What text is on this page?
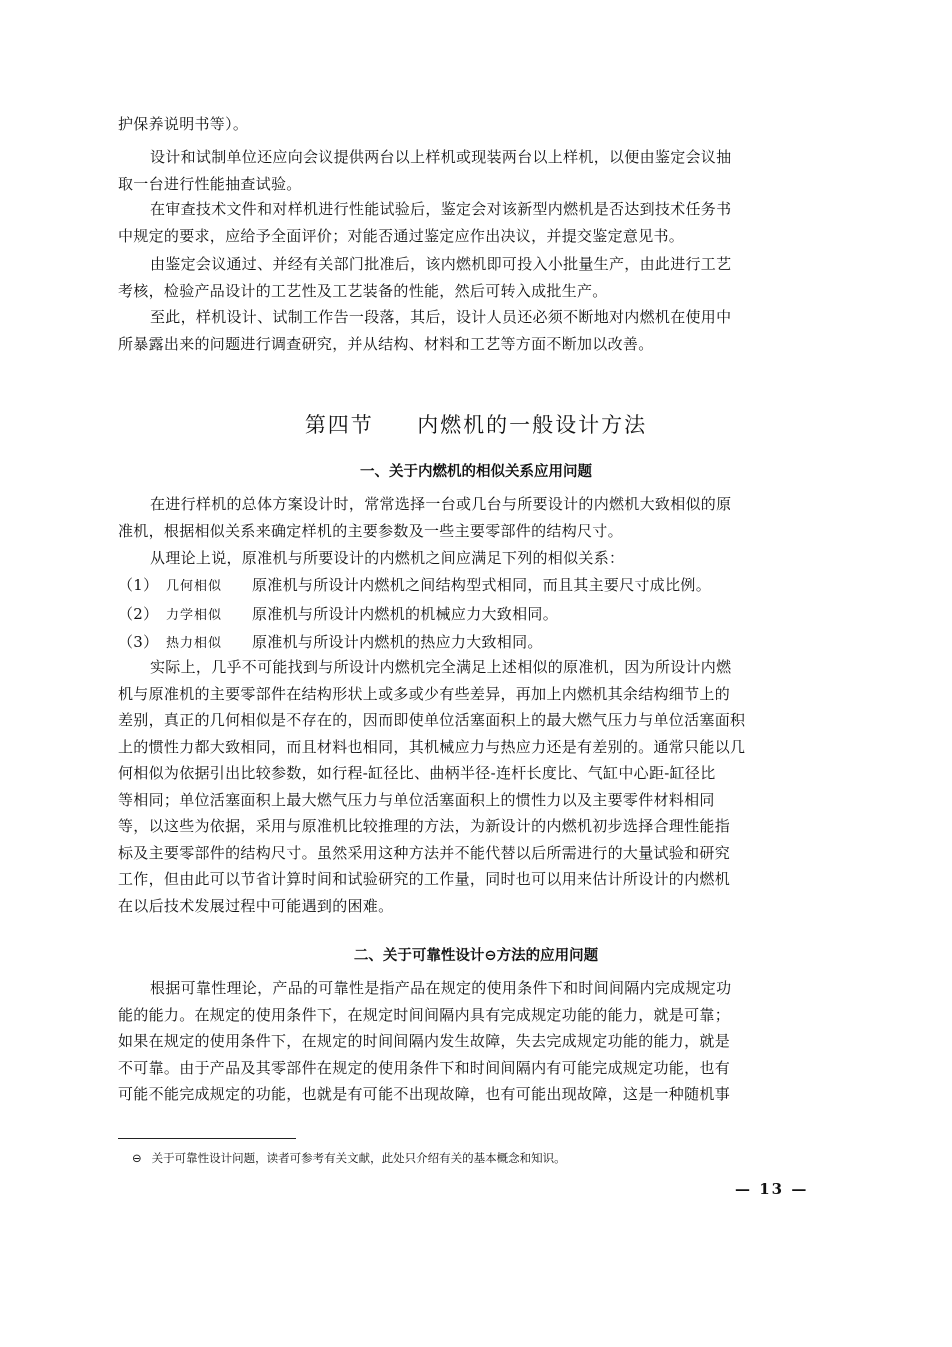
护保养说明书等）。
设计和试制单位还应向会议提供两台以上样机或现装两台以上样机，以便由鉴定会议抽
取一台进行性能抽查试验。
在审查技术文件和对样机进行性能试验后，鉴定会对该新型内燃机是否达到技术任务书
中规定的要求，应给予全面评价；对能否通过鉴定应作出决议，并提交鉴定意见书。
由鉴定会议通过、并经有关部门批准后，该内燃机即可投入小批量生产，由此进行工艺
考核，检验产品设计的工艺性及工艺装备的性能，然后可转入成批生产。
至此，样机设计、试制工作告一段落，其后，设计人员还必须不断地对内燃机在使用中
所暴露出来的问题进行调查研究，并从结构、材料和工艺等方面不断加以改善。
第四节 内燃机的一般设计方法
一、关于内燃机的相似关系应用问题
在进行样机的总体方案设计时，常常选择一台或几台与所要设计的内燃机大致相似的原
准机，根据相似关系来确定样机的主要参数及一些主要零部件的结构尺寸。
从理论上说，原准机与所要设计的内燃机之间应满足下列的相似关系：
（1） 几何相似 原准机与所设计内燃机之间结构型式相同，而且其主要尺寸成比例。
（2） 力学相似 原准机与所设计内燃机的机械应力大致相同。
（3） 热力相似 原准机与所设计内燃机的热应力大致相同。
实际上，几乎不可能找到与所设计内燃机完全满足上述相似的原准机，因为所设计内燃
机与原准机的主要零部件在结构形状上或多或少有些差异，再加上内燃机其余结构细节上的
差别，真正的几何相似是不存在的，因而即使单位活塞面积上的最大燃气压力与单位活塞面积
上的惯性力都大致相同，而且材料也相同，其机械应力与热应力还是有差别的。通常只能以几
何相似为依据引出比较参数，如行程-缸径比、曲柄半径-连杆长度比、气缸中心距-缸径比
等相同；单位活塞面积上最大燃气压力与单位活塞面积上的惯性力以及主要零件材料相同
等，以这些为依据，采用与原准机比较推理的方法，为新设计的内燃机初步选择合理性能指
标及主要零部件的结构尺寸。虽然采用这种方法并不能代替以后所需进行的大量试验和研究
工作，但由此可以节省计算时间和试验研究的工作量，同时也可以用来估计所设计的内燃机
在以后技术发展过程中可能遇到的困难。
二、关于可靠性设计⊖方法的应用问题
根据可靠性理论，产品的可靠性是指产品在规定的使用条件下和时间间隔内完成规定功
能的能力。在规定的使用条件下，在规定时间间隔内具有完成规定功能的能力，就是可靠；
如果在规定的使用条件下，在规定的时间间隔内发生故障，失去完成规定功能的能力，就是
不可靠。由于产品及其零部件在规定的使用条件下和时间间隔内有可能完成规定功能，也有
可能不能完成规定的功能，也就是有可能不出现故障，也有可能出现故障，这是一种随机事

⊖ 关于可靠性设计问题，读者可参考有关文献，此处只介绍有关的基本概念和知识。

— 13 —
